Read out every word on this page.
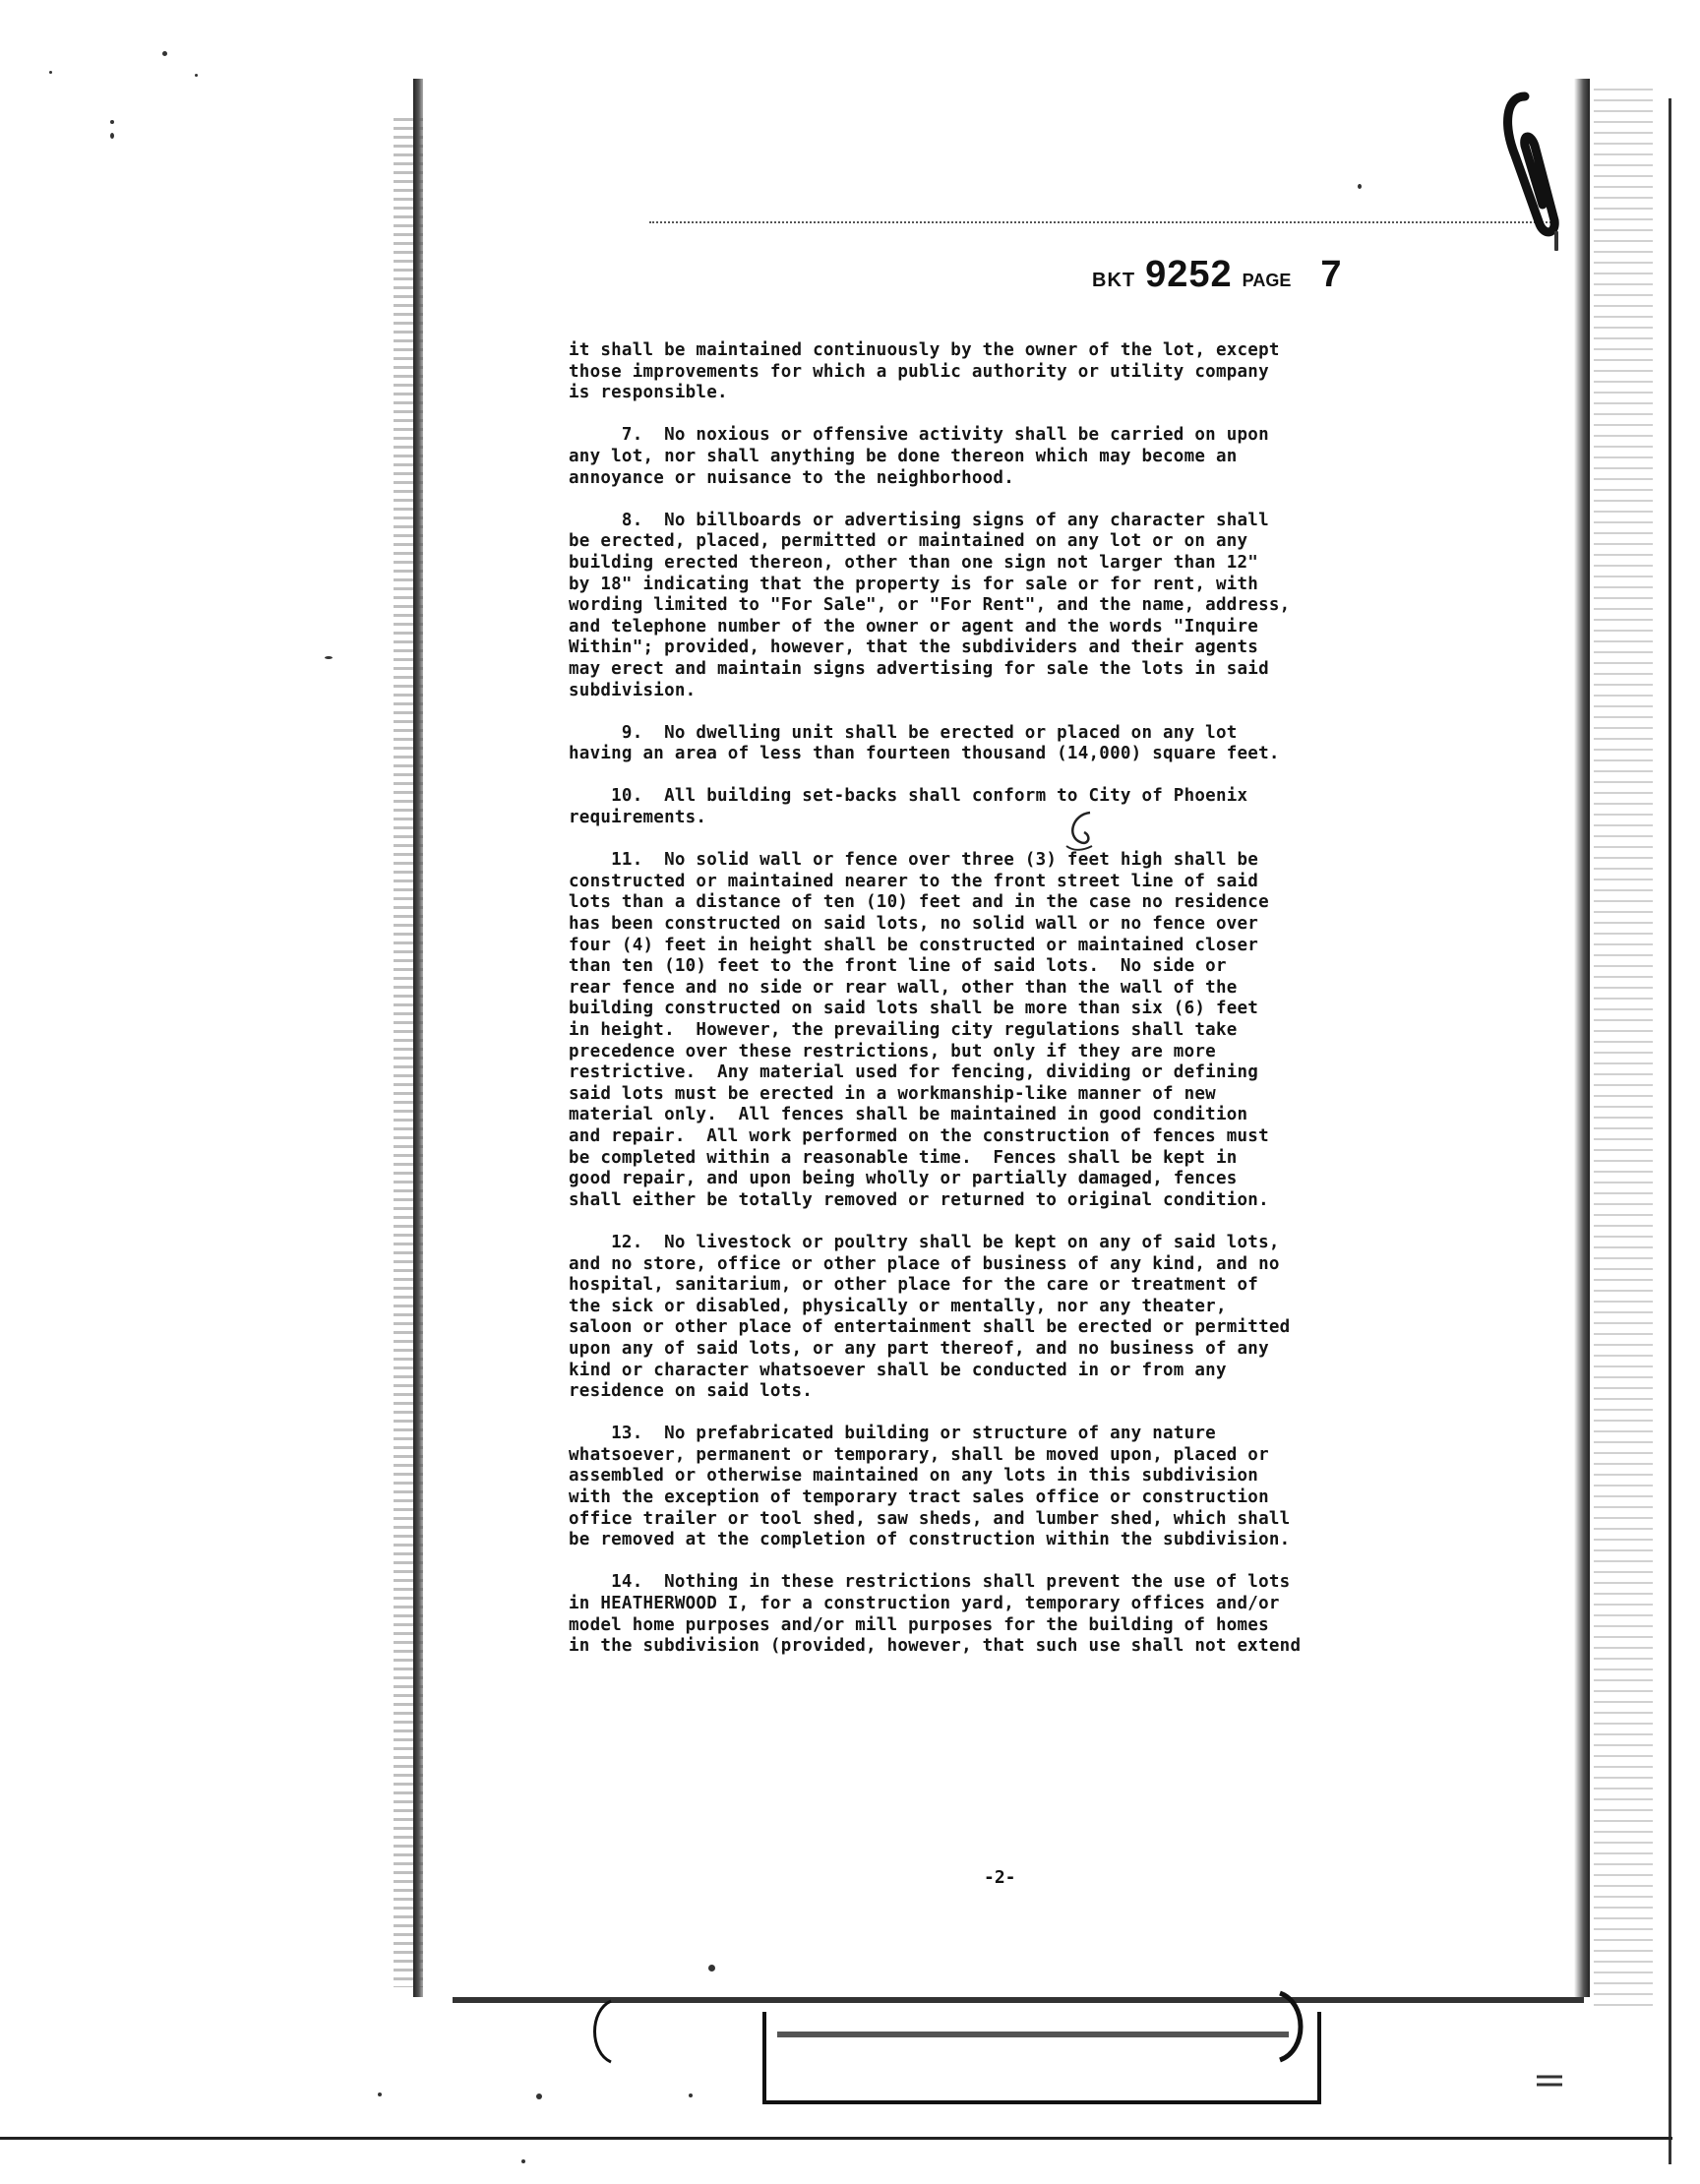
BKT 9252 PAGE 7
it shall be maintained continuously by the owner of the lot, except
those improvements for which a public authority or utility company
is responsible.
7.  No noxious or offensive activity shall be carried on upon
any lot, nor shall anything be done thereon which may become an
annoyance or nuisance to the neighborhood.
8.  No billboards or advertising signs of any character shall
be erected, placed, permitted or maintained on any lot or on any
building erected thereon, other than one sign not larger than 12"
by 18" indicating that the property is for sale or for rent, with
wording limited to "For Sale", or "For Rent", and the name, address,
and telephone number of the owner or agent and the words "Inquire
Within"; provided, however, that the subdividers and their agents
may erect and maintain signs advertising for sale the lots in said
subdivision.
9.  No dwelling unit shall be erected or placed on any lot
having an area of less than fourteen thousand (14,000) square feet.
10.  All building set-backs shall conform to City of Phoenix
requirements.
11.  No solid wall or fence over three (3) feet high shall be
constructed or maintained nearer to the front street line of said
lots than a distance of ten (10) feet and in the case no residence
has been constructed on said lots, no solid wall or no fence over
four (4) feet in height shall be constructed or maintained closer
than ten (10) feet to the front line of said lots.  No side or
rear fence and no side or rear wall, other than the wall of the
building constructed on said lots shall be more than six (6) feet
in height.  However, the prevailing city regulations shall take
precedence over these restrictions, but only if they are more
restrictive.  Any material used for fencing, dividing or defining
said lots must be erected in a workmanship-like manner of new
material only.  All fences shall be maintained in good condition
and repair.  All work performed on the construction of fences must
be completed within a reasonable time.  Fences shall be kept in
good repair, and upon being wholly or partially damaged, fences
shall either be totally removed or returned to original condition.
12.  No livestock or poultry shall be kept on any of said lots,
and no store, office or other place of business of any kind, and no
hospital, sanitarium, or other place for the care or treatment of
the sick or disabled, physically or mentally, nor any theater,
saloon or other place of entertainment shall be erected or permitted
upon any of said lots, or any part thereof, and no business of any
kind or character whatsoever shall be conducted in or from any
residence on said lots.
13.  No prefabricated building or structure of any nature
whatsoever, permanent or temporary, shall be moved upon, placed or
assembled or otherwise maintained on any lots in this subdivision
with the exception of temporary tract sales office or construction
office trailer or tool shed, saw sheds, and lumber shed, which shall
be removed at the completion of construction within the subdivision.
14.  Nothing in these restrictions shall prevent the use of lots
in HEATHERWOOD I, for a construction yard, temporary offices and/or
model home purposes and/or mill purposes for the building of homes
in the subdivision (provided, however, that such use shall not extend
-2-
